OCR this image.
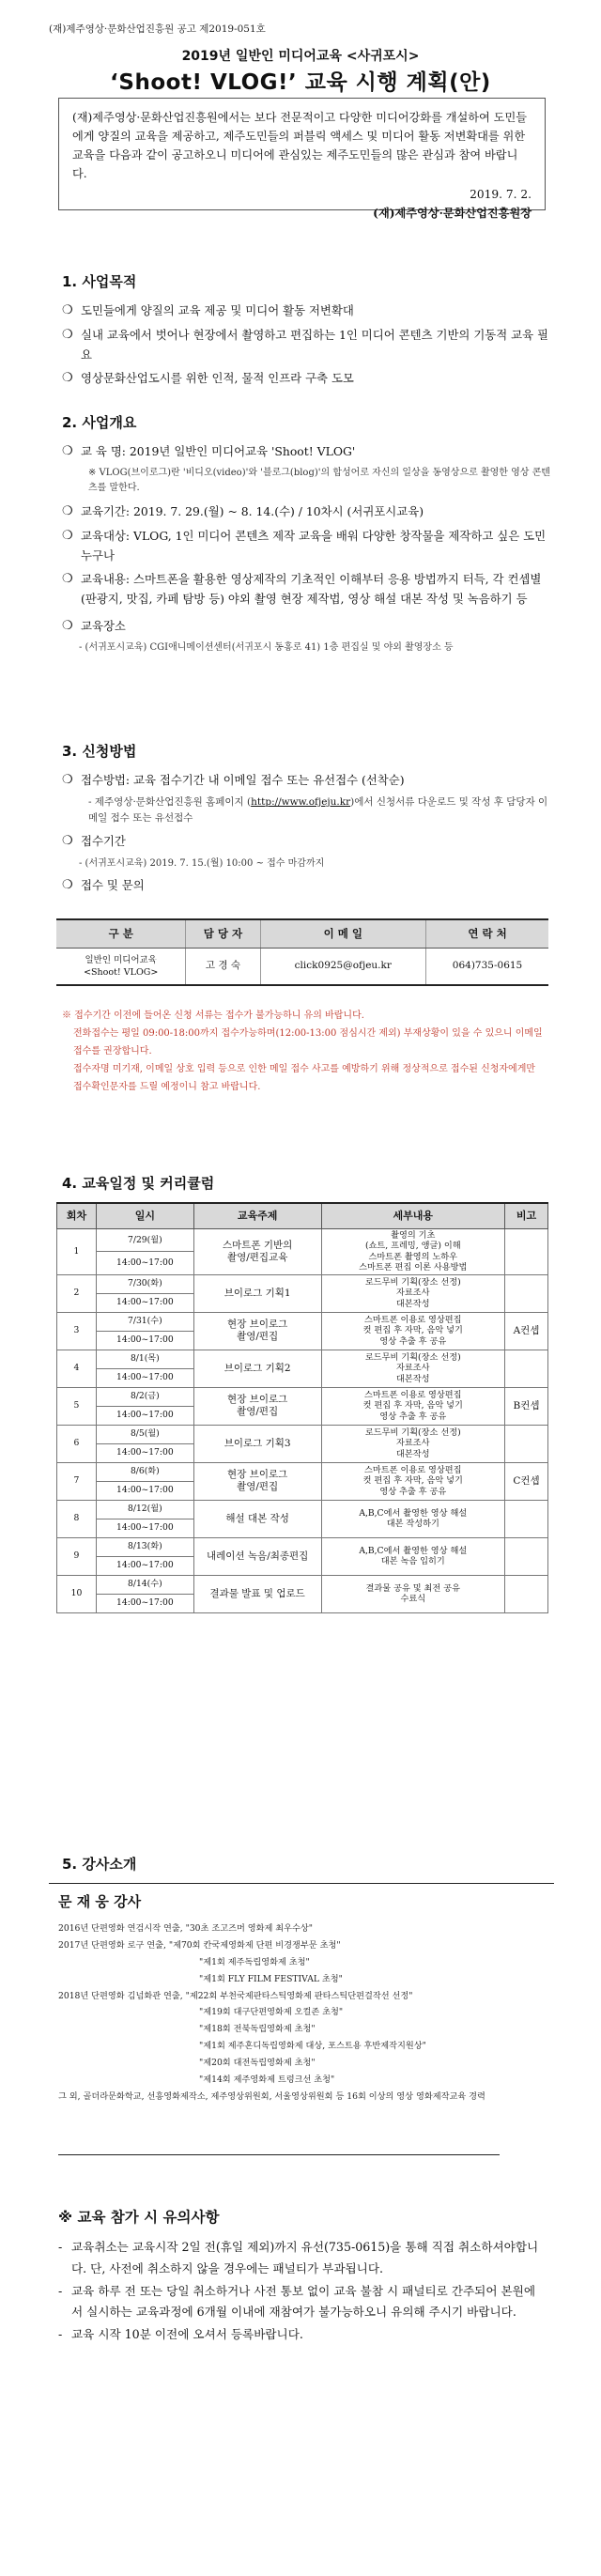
(재)제주영상·문화산업진흥원 공고 제2019-051호
2019년 일반인 미디어교육 <사귀포시>
‘Shoot! VLOG!’ 교육 시행 계획(안)
(재)제주영상·문화산업진흥원에서는 보다 전문적이고 다양한 미디어강화를 개설하여 도민들에게 양질의 교육을 제공하고, 제주도민들의 퍼블릭 액세스 및 미디어 활동 저변확대를 위한 교육을 다음과 같이 공고하오니 미디어에 관심있는 제주도민들의 많은 관심과 참여 바랍니다.
2019. 7. 2.
(재)제주영상·문화산업진흥원장
1. 사업목적
❍ 도민들에게 양질의 교육 제공 및 미디어 활동 저변확대
❍ 실내 교육에서 벗어나 현장에서 촬영하고 편집하는 1인 미디어 콘텐츠 기반의 기동적 교육 필요
❍ 영상문화산업도시를 위한 인적, 물적 인프라 구축 도모
2. 사업개요
❍ 교 육 명: 2019년 일반인 미디어교육 'Shoot! VLOG'
※ VLOG(브이로그)란 '비디오(video)'와 '블로그(blog)'의 합성어로 자신의 일상을 동영상으로 촬영한 영상 콘텐츠를 말한다.
❍ 교육기간: 2019. 7. 29.(월) ~ 8. 14.(수) / 10차시 (서귀포시교육)
❍ 교육대상: VLOG, 1인 미디어 콘텐츠 제작 교육을 배워 다양한 창작물을 제작하고 싶은 도민 누구나
❍ 교육내용: 스마트폰을 활용한 영상제작의 기초적인 이해부터 응용 방법까지 터득, 각 컨셉별(판광지, 맛집, 카페 탐방 등) 야외 촬영 현장 제작법, 영상 해설 대본 작성 및 녹음하기 등
❍ 교육장소
- (서귀포시교육) CGI애니메이션센터(서귀포시 동홍로 41) 1층 편집실 및 야외 촬영장소 등
3. 신청방법
❍ 접수방법: 교육 접수기간 내 이메일 접수 또는 유선접수 (선착순)
- 제주영상·문화산업진흥원 홈페이지 (http://www.ofjeju.kr)에서 신청서류 다운로드 및 작성 후 담당자 이메일 접수 또는 유선접수
❍ 접수기간
- (서귀포시교육) 2019. 7. 15.(월) 10:00 ~ 접수 마감까지
❍ 접수 및 문의
구 분	담 당 자	이 메 일	연 락 처
일반인 미디어교육
<Shoot! VLOG>	고 경 숙	click0925@ofjeu.kr	064)735-0615
※ 접수기간 이전에 들어온 신청 서류는 접수가 불가능하니 유의 바랍니다.
전화접수는 평일 09:00-18:00까지 접수가능하며(12:00-13:00 점심시간 제외) 부재상황이 있을 수 있으니 이메일 접수를 권장합니다.
접수자명 미기재, 이메일 상호 입력 등으로 인한 메일 접수 사고를 예방하기 위해 정상적으로 접수된 신청자에게만 접수확인문자를 드릴 예정이니 참고 바랍니다.
4. 교육일정 및 커리큘럼
회차	일시	교육주제	세부내용	비고
1	7/29(월)	스마트폰 기반의
촬영/편집교육	촬영의 기초
(쇼트, 프레밍, 앵글) 이해
스마트폰 촬영의 노하우
스마트폰 편집 이론 사용방법	
	14:00~17:00			
2	7/30(화)	브이로그 기획1	로드무비 기획(장소 선정)
자료조사
대본작성	
	14:00~17:00			
3	7/31(수)	현장 브이로그
촬영/편집	스마트폰 이용로 영상편집
컷 편집 후 자막, 음악 넣기
영상 추출 후 공유	A컨셉
	14:00~17:00			
4	8/1(목)	브이로그 기획2	로드무비 기획(장소 선정)
자료조사
대본작성	
	14:00~17:00			
5	8/2(금)	현장 브이로그
촬영/편집	스마트폰 이용로 영상편집
컷 편집 후 자막, 음악 넣기
영상 추출 후 공유	B컨셉
	14:00~17:00			
6	8/5(월)	브이로그 기획3	로드무비 기획(장소 선정)
자료조사
대본작성	
	14:00~17:00			
7	8/6(화)	현장 브이로그
촬영/편집	스마트폰 이용로 영상편집
컷 편집 후 자막, 음악 넣기
영상 추출 후 공유	C컨셉
	14:00~17:00			
8	8/12(월)	해설 대본 작성	A,B,C에서 촬영한 영상 해설
대본 작성하기	
	14:00~17:00			
9	8/13(화)	내레이션 녹음/최종편집	A,B,C에서 촬영한 영상 해설
대본 녹음 입히기	
	14:00~17:00			
10	8/14(수)	결과물 발표 및 업로드	결과물 공유 및 최전 공유
수료식	
	14:00~17:00			
5. 강사소개
문 재 웅 강사
2016년 단편영화 연검시작 연출, "30초 조고즈머 영화제 최우수상"
2017년 단편영화 로구 연출, "제70회 칸국제영화제 단편 비경쟁부문 초청"
"제1회 제주독립영화제 초청"
"제1회 FLY FILM FESTIVAL 초청"
2018년 단편영화 김넘화관 연출, "제22회 부천국제판타스틱영화제 판타스틱단편걸작선 선정"
"제19회 대구단편영화제 오컬존 초청"
"제18회 전북독립영화제 초청"
"제1회 제주혼디독립영화제 대상, 포스트용 후반제작지원상"
"제20회 대전독립영화제 초청"
"제14회 제주영화제 트렁크선 초청"
그 외, 골더라문화학교, 선흥영화제작소, 제주영상위원회, 서울영상위원회 등 16회 이상의 영상 영화제작교육 경력
※ 교육 참가 시 유의사항
- 교육취소는 교육시작 2일 전(휴일 제외)까지 유선(735-0615)을 통해 직접 취소하셔야합니다. 단, 사전에 취소하지 않을 경우에는 패널티가 부과됩니다.
- 교육 하루 전 또는 당일 취소하거나 사전 통보 없이 교육 불참 시 패널티로 간주되어 본원에서 실시하는 교육과정에 6개월 이내에 재참여가 불가능하오니 유의해 주시기 바랍니다.
- 교육 시작 10분 이전에 오셔서 등록바랍니다.
